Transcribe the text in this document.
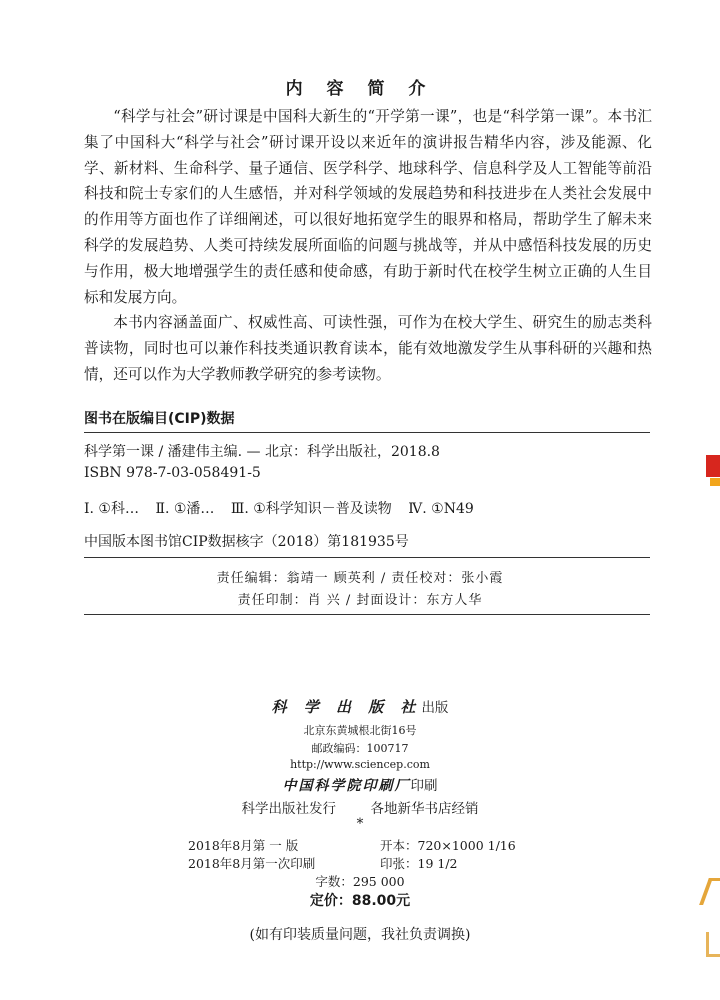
内 容 简 介

“科学与社会”研讨课是中国科大新生的“开学第一课”，也是“科学第一课”。本书汇集了中国科大“科学与社会”研讨课开设以来近年的演讲报告精华内容，涉及能源、化学、新材料、生命科学、量子通信、医学科学、地球科学、信息科学及人工智能等前沿科技和院士专家们的人生感悟，并对科学领域的发展趋势和科技进步在人类社会发展中的作用等方面也作了详细阐述，可以很好地拓宽学生的眼界和格局，帮助学生了解未来科学的发展趋势、人类可持续发展所面临的问题与挑战等，并从中感悟科技发展的历史与作用，极大地增强学生的责任感和使命感，有助于新时代在校学生树立正确的人生目标和发展方向。

本书内容涵盖面广、权威性高、可读性强，可作为在校大学生、研究生的励志类科普读物，同时也可以兼作科技类通识教育读本，能有效地激发学生从事科研的兴趣和热情，还可以作为大学教师教学研究的参考读物。

图书在版编目(CIP)数据
科学第一课 / 潘建伟主编. — 北京：科学出版社，2018.8
ISBN 978-7-03-058491-5
Ⅰ. ①科… Ⅱ. ①潘… Ⅲ. ①科学知识－普及读物 Ⅳ. ①N49
中国版本图书馆CIP数据核字（2018）第181935号
责任编辑：翁靖一 顾英利 / 责任校对：张小霞
责任印制：肖 兴 / 封面设计：东方人华
科 学 出 版 社出版
北京东黄城根北街16号
邮政编码：100717
http://www.sciencep.com
中国科学院印刷厂印刷
科学出版社发行	各地新华书店经销
*
2018年8月第 一 版	开本：720×1000 1/16
2018年8月第一次印刷	印张：19 1/2
字数：295 000
定价：88.00元
(如有印装质量问题，我社负责调换)
